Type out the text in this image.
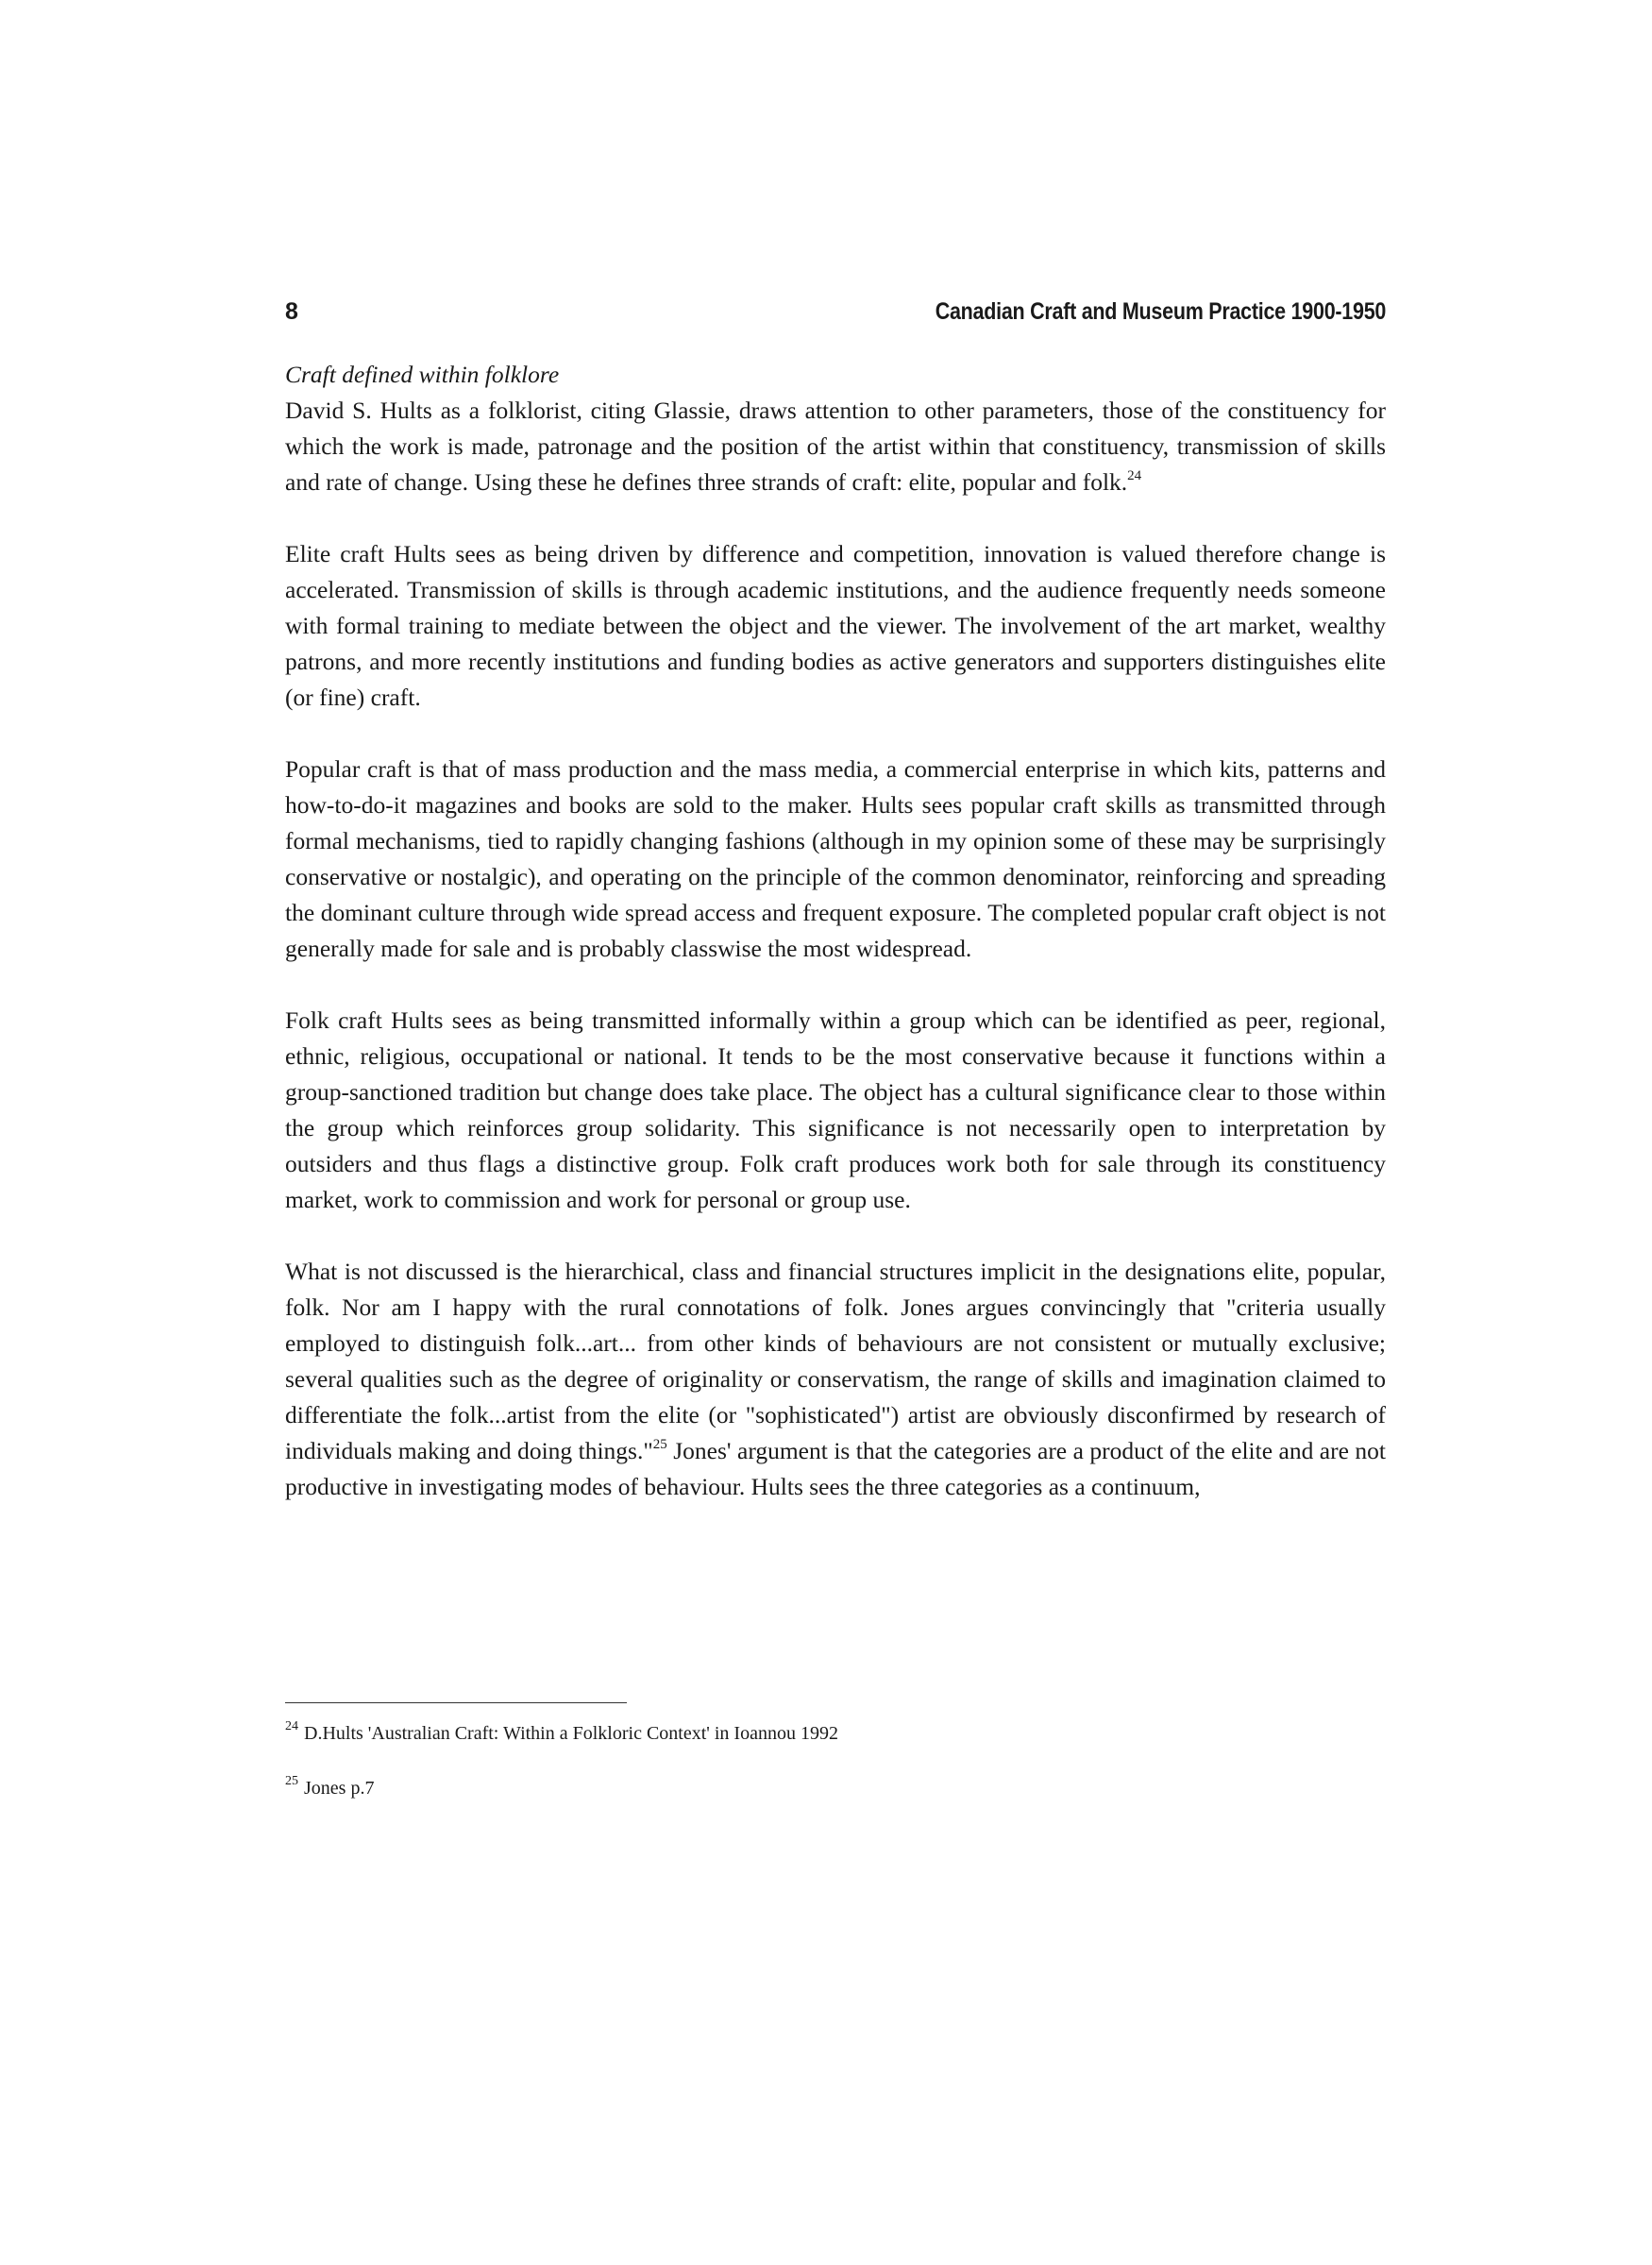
8	Canadian Craft and Museum Practice 1900-1950

Craft defined within folklore

David S. Hults as a folklorist, citing Glassie, draws attention to other parameters, those of the constituency for which the work is made, patronage and the position of the artist within that constituency, transmission of skills and rate of change. Using these he defines three strands of craft: elite, popular and folk.$^{24}$

Elite craft Hults sees as being driven by difference and competition, innovation is valued therefore change is accelerated. Transmission of skills is through academic institutions, and the audience frequently needs someone with formal training to mediate between the object and the viewer. The involvement of the art market, wealthy patrons, and more recently institutions and funding bodies as active generators and supporters distinguishes elite (or fine) craft.

Popular craft is that of mass production and the mass media, a commercial enterprise in which kits, patterns and how-to-do-it magazines and books are sold to the maker. Hults sees popular craft skills as transmitted through formal mechanisms, tied to rapidly changing fashions (although in my opinion some of these may be surprisingly conservative or nostalgic), and operating on the principle of the common denominator, reinforcing and spreading the dominant culture through wide spread access and frequent exposure. The completed popular craft object is not generally made for sale and is probably classwise the most widespread.

Folk craft Hults sees as being transmitted informally within a group which can be identified as peer, regional, ethnic, religious, occupational or national. It tends to be the most conservative because it functions within a group-sanctioned tradition but change does take place. The object has a cultural significance clear to those within the group which reinforces group solidarity. This significance is not necessarily open to interpretation by outsiders and thus flags a distinctive group. Folk craft produces work both for sale through its constituency market, work to commission and work for personal or group use.

What is not discussed is the hierarchical, class and financial structures implicit in the designations elite, popular, folk. Nor am I happy with the rural connotations of folk. Jones argues convincingly that "criteria usually employed to distinguish folk...art... from other kinds of behaviours are not consistent or mutually exclusive; several qualities such as the degree of originality or conservatism, the range of skills and imagination claimed to differentiate the folk...artist from the elite (or "sophisticated") artist are obviously disconfirmed by research of individuals making and doing things."$^{25}$ Jones' argument is that the categories are a product of the elite and are not productive in investigating modes of behaviour. Hults sees the three categories as a continuum,

$^{24}$ D.Hults 'Australian Craft: Within a Folkloric Context' in Ioannou 1992

$^{25}$ Jones p.7
